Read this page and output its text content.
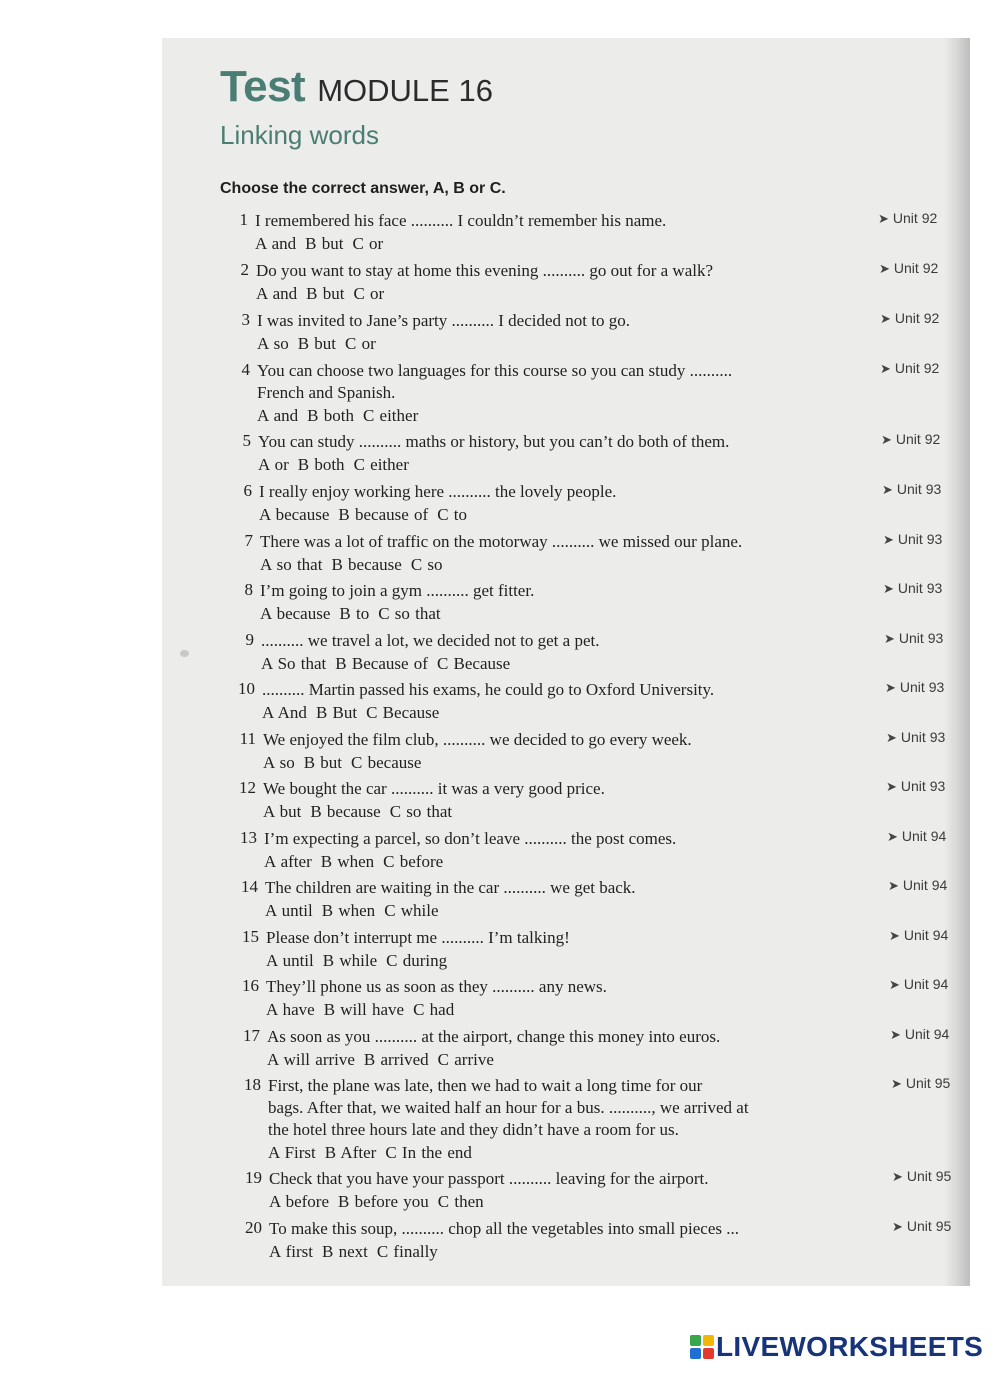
Test MODULE 16
Linking words
Choose the correct answer, A, B or C.
1 I remembered his face .......... I couldn’t remember his name.
A and B but C or
➤ Unit 92
2 Do you want to stay at home this evening .......... go out for a walk?
A and B but C or
➤ Unit 92
3 I was invited to Jane’s party .......... I decided not to go.
A so B but C or
➤ Unit 92
4 You can choose two languages for this course so you can study ..........
French and Spanish.
A and B both C either
➤ Unit 92
5 You can study .......... maths or history, but you can’t do both of them.
A or B both C either
➤ Unit 92
6 I really enjoy working here .......... the lovely people.
A because B because of C to
➤ Unit 93
7 There was a lot of traffic on the motorway .......... we missed our plane.
A so that B because C so
➤ Unit 93
8 I’m going to join a gym .......... get fitter.
A because B to C so that
➤ Unit 93
9 .......... we travel a lot, we decided not to get a pet.
A So that B Because of C Because
➤ Unit 93
10 .......... Martin passed his exams, he could go to Oxford University.
A And B But C Because
➤ Unit 93
11 We enjoyed the film club, .......... we decided to go every week.
A so B but C because
➤ Unit 93
12 We bought the car .......... it was a very good price.
A but B because C so that
➤ Unit 93
13 I’m expecting a parcel, so don’t leave .......... the post comes.
A after B when C before
➤ Unit 94
14 The children are waiting in the car .......... we get back.
A until B when C while
➤ Unit 94
15 Please don’t interrupt me .......... I’m talking!
A until B while C during
➤ Unit 94
16 They’ll phone us as soon as they .......... any news.
A have B will have C had
➤ Unit 94
17 As soon as you .......... at the airport, change this money into euros.
A will arrive B arrived C arrive
➤ Unit 94
18 First, the plane was late, then we had to wait a long time for our
bags. After that, we waited half an hour for a bus. .........., we arrived at
the hotel three hours late and they didn’t have a room for us.
A First B After C In the end
➤ Unit 95
19 Check that you have your passport .......... leaving for the airport.
A before B before you C then
➤ Unit 95
20 To make this soup, .......... chop all the vegetables into small pieces ...
A first B next C finally
➤ Unit 95
LIVEWORKSHEETS
